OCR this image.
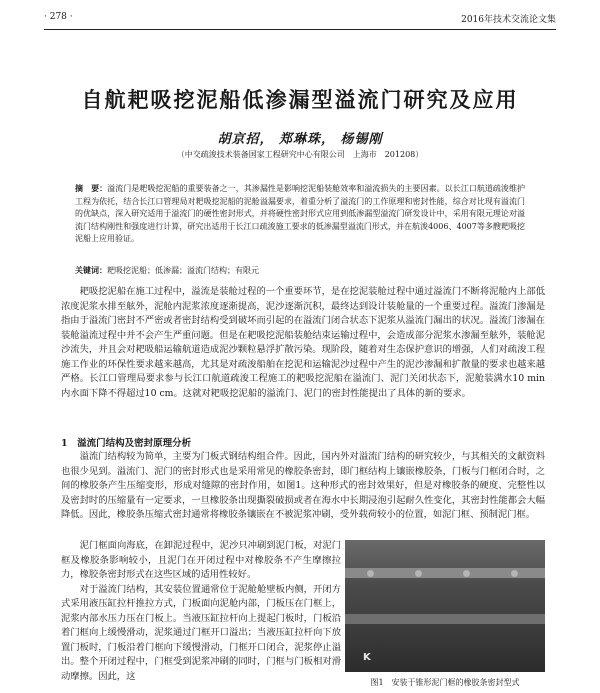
· 278 ·	2016年技术交流论文集
自航耙吸挖泥船低渗漏型溢流门研究及应用
胡京招， 郑琳珠， 杨锡刚
（中交疏浚技术装备国家工程研究中心有限公司　上海市　201208）
摘　要：溢流门是耙吸挖泥船的重要装备之一，其渗漏性是影响挖泥船装舱效率和溢流损失的主要因素。以长江口航道疏浚维护工程为依托，结合长江口管理局对耙吸挖泥船的泥舱溢漏要求，着重分析了溢流门的工作原理和密封性能，综合对比现有溢流门的优缺点，深入研究适用于溢流门的硬性密封形式，并将硬性密封形式应用到低渗漏型溢流门研发设计中，采用有限元理论对溢流门结构刚性和强度进行计算，研究出适用于长江口疏浚施工要求的低渗漏型溢流门形式，并在航浚4006、4007等多艘耙吸挖泥船上应用验证。
关键词：耙吸挖泥船；低渗漏；溢流门结构；有限元

耙吸挖泥船在施工过程中，溢流是装舱过程的一个重要环节，是在挖泥装舱过程中通过溢流门不断将泥舱内上部低浓度泥浆水排至舷外，泥舱内泥浆浓度逐渐提高，泥沙逐渐沉积，最终达到设计装舱量的一个重要过程。溢流门渗漏是指由于溢流门密封不严密或者密封结构受到破坏而引起的在溢流门闭合状态下泥浆从溢流门漏出的状况。溢流门渗漏在装舱溢流过程中并不会产生严重问题。但是在耙吸挖泥船装舱结束运输过程中，会造成部分泥浆水渗漏至舷外，装舱泥沙流失，并且会对耙吸船运输航道造成泥沙颗粒悬浮扩散污染。现阶段，随着对生态保护意识的增强，人们对疏浚工程施工作业的环保性要求越来越高，尤其是对疏浚船舶在挖泥和运输泥沙过程中产生的泥沙渗漏和扩散量的要求也越来越严格。长江口管理局要求参与长江口航道疏浚工程施工的耙吸挖泥船在溢流门、泥门关闭状态下，泥舱装满水10 min内水面下降不得超过10 cm。这就对耙吸挖泥船的溢流门、泥门的密封性能提出了具体的新的要求。

1　溢流门结构及密封原理分析

溢流门结构较为简单，主要为门板式钢结构组合件。因此，国内外对溢流门结构的研究较少，与其相关的文献资料也很少见到。溢流门、泥门的密封形式也是采用常见的橡胶条密封，即门框结构上镶嵌橡胶条，门板与门框闭合时，之间的橡胶条产生压缩变形，形成对缝隙的密封作用，如图1。这种形式的密封效果好，但是对橡胶条的硬度、完整性以及密封时的压缩量有一定要求，一旦橡胶条出现撕裂破损或者在海水中长期浸泡引起耐久性变化，其密封性能都会大幅降低。因此，橡胶条压缩式密封通常将橡胶条镶嵌在不被泥浆冲刷，受外载荷较小的位置，如泥门框、预制泥门框。

泥门框面向海底，在卸泥过程中，泥沙只冲刷到泥门板，对泥门框及橡胶条影响较小，且泥门在开闭过程中对橡胶条不产生摩擦拉力，橡胶条密封形式在这些区域的适用性较好。

对于溢流门结构，其安装位置通常位于泥舱舱壁板内侧，开闭方式采用液压缸拉杆推拉方式，门板面向泥舱内部，门板压在门框上，泥浆内部水压力压在门板上。当液压缸拉杆向上提起门板时，门板沿着门框向上缓慢滑动，泥浆通过门框开口溢出；当液压缸拉杆向下放置门板时，门板沿着门框向下缓慢滑动，门框开口闭合，泥浆停止溢出。整个开闭过程中，门框受到泥浆冲刷的同时，门框与门板相对滑动摩擦。因此，这

K
图1　安装于锥形泥门框的橡胶条密封型式
